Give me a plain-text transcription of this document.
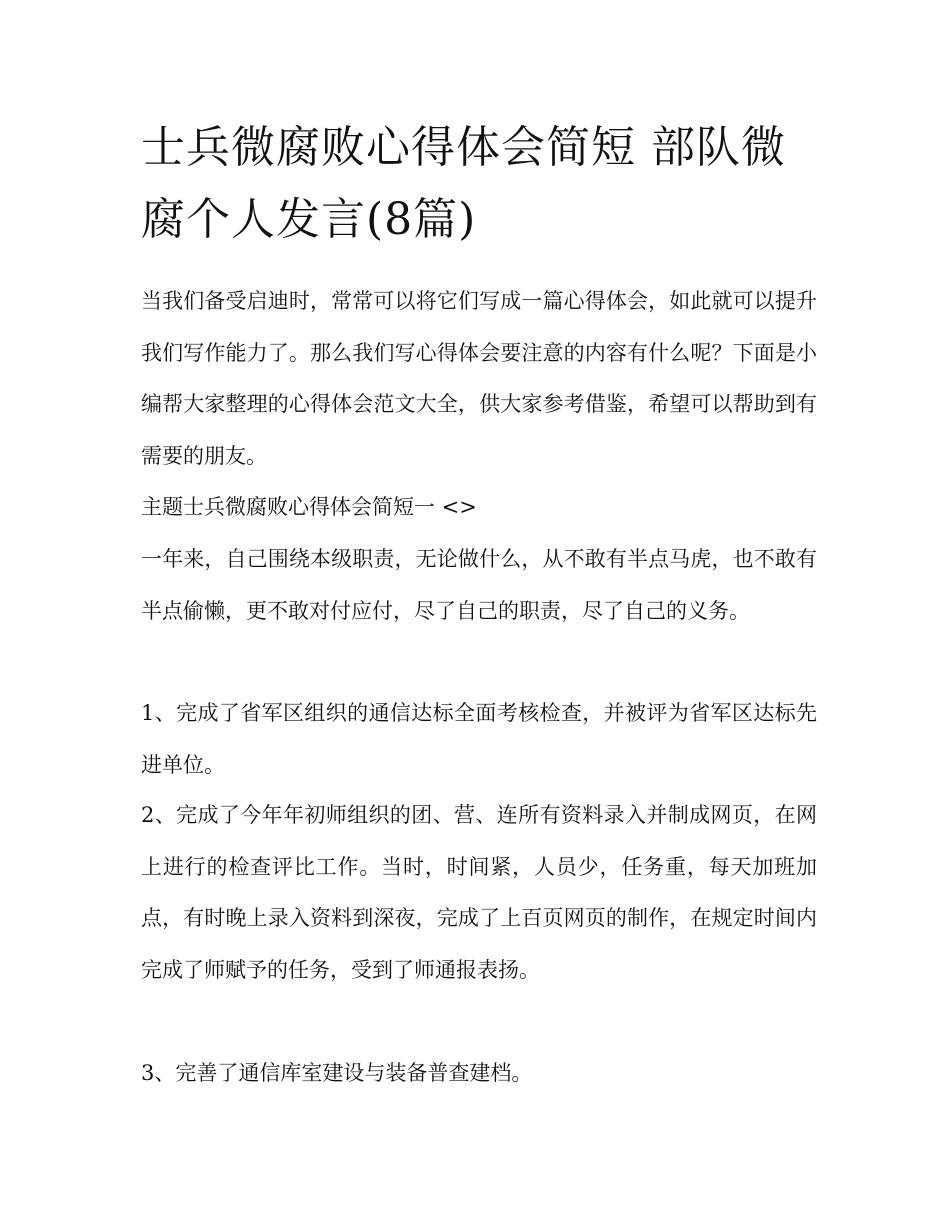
士兵微腐败心得体会简短 部队微腐个人发言(8篇)

当我们备受启迪时，常常可以将它们写成一篇心得体会，如此就可以提升我们写作能力了。那么我们写心得体会要注意的内容有什么呢？下面是小编帮大家整理的心得体会范文大全，供大家参考借鉴，希望可以帮助到有需要的朋友。

主题士兵微腐败心得体会简短一 <>

一年来，自己围绕本级职责，无论做什么，从不敢有半点马虎，也不敢有半点偷懒，更不敢对付应付，尽了自己的职责，尽了自己的义务。

1、完成了省军区组织的通信达标全面考核检查，并被评为省军区达标先进单位。

2、完成了今年年初师组织的团、营、连所有资料录入并制成网页，在网上进行的检查评比工作。当时，时间紧，人员少，任务重，每天加班加点，有时晚上录入资料到深夜，完成了上百页网页的制作，在规定时间内完成了师赋予的任务，受到了师通报表扬。

3、完善了通信库室建设与装备普查建档。
